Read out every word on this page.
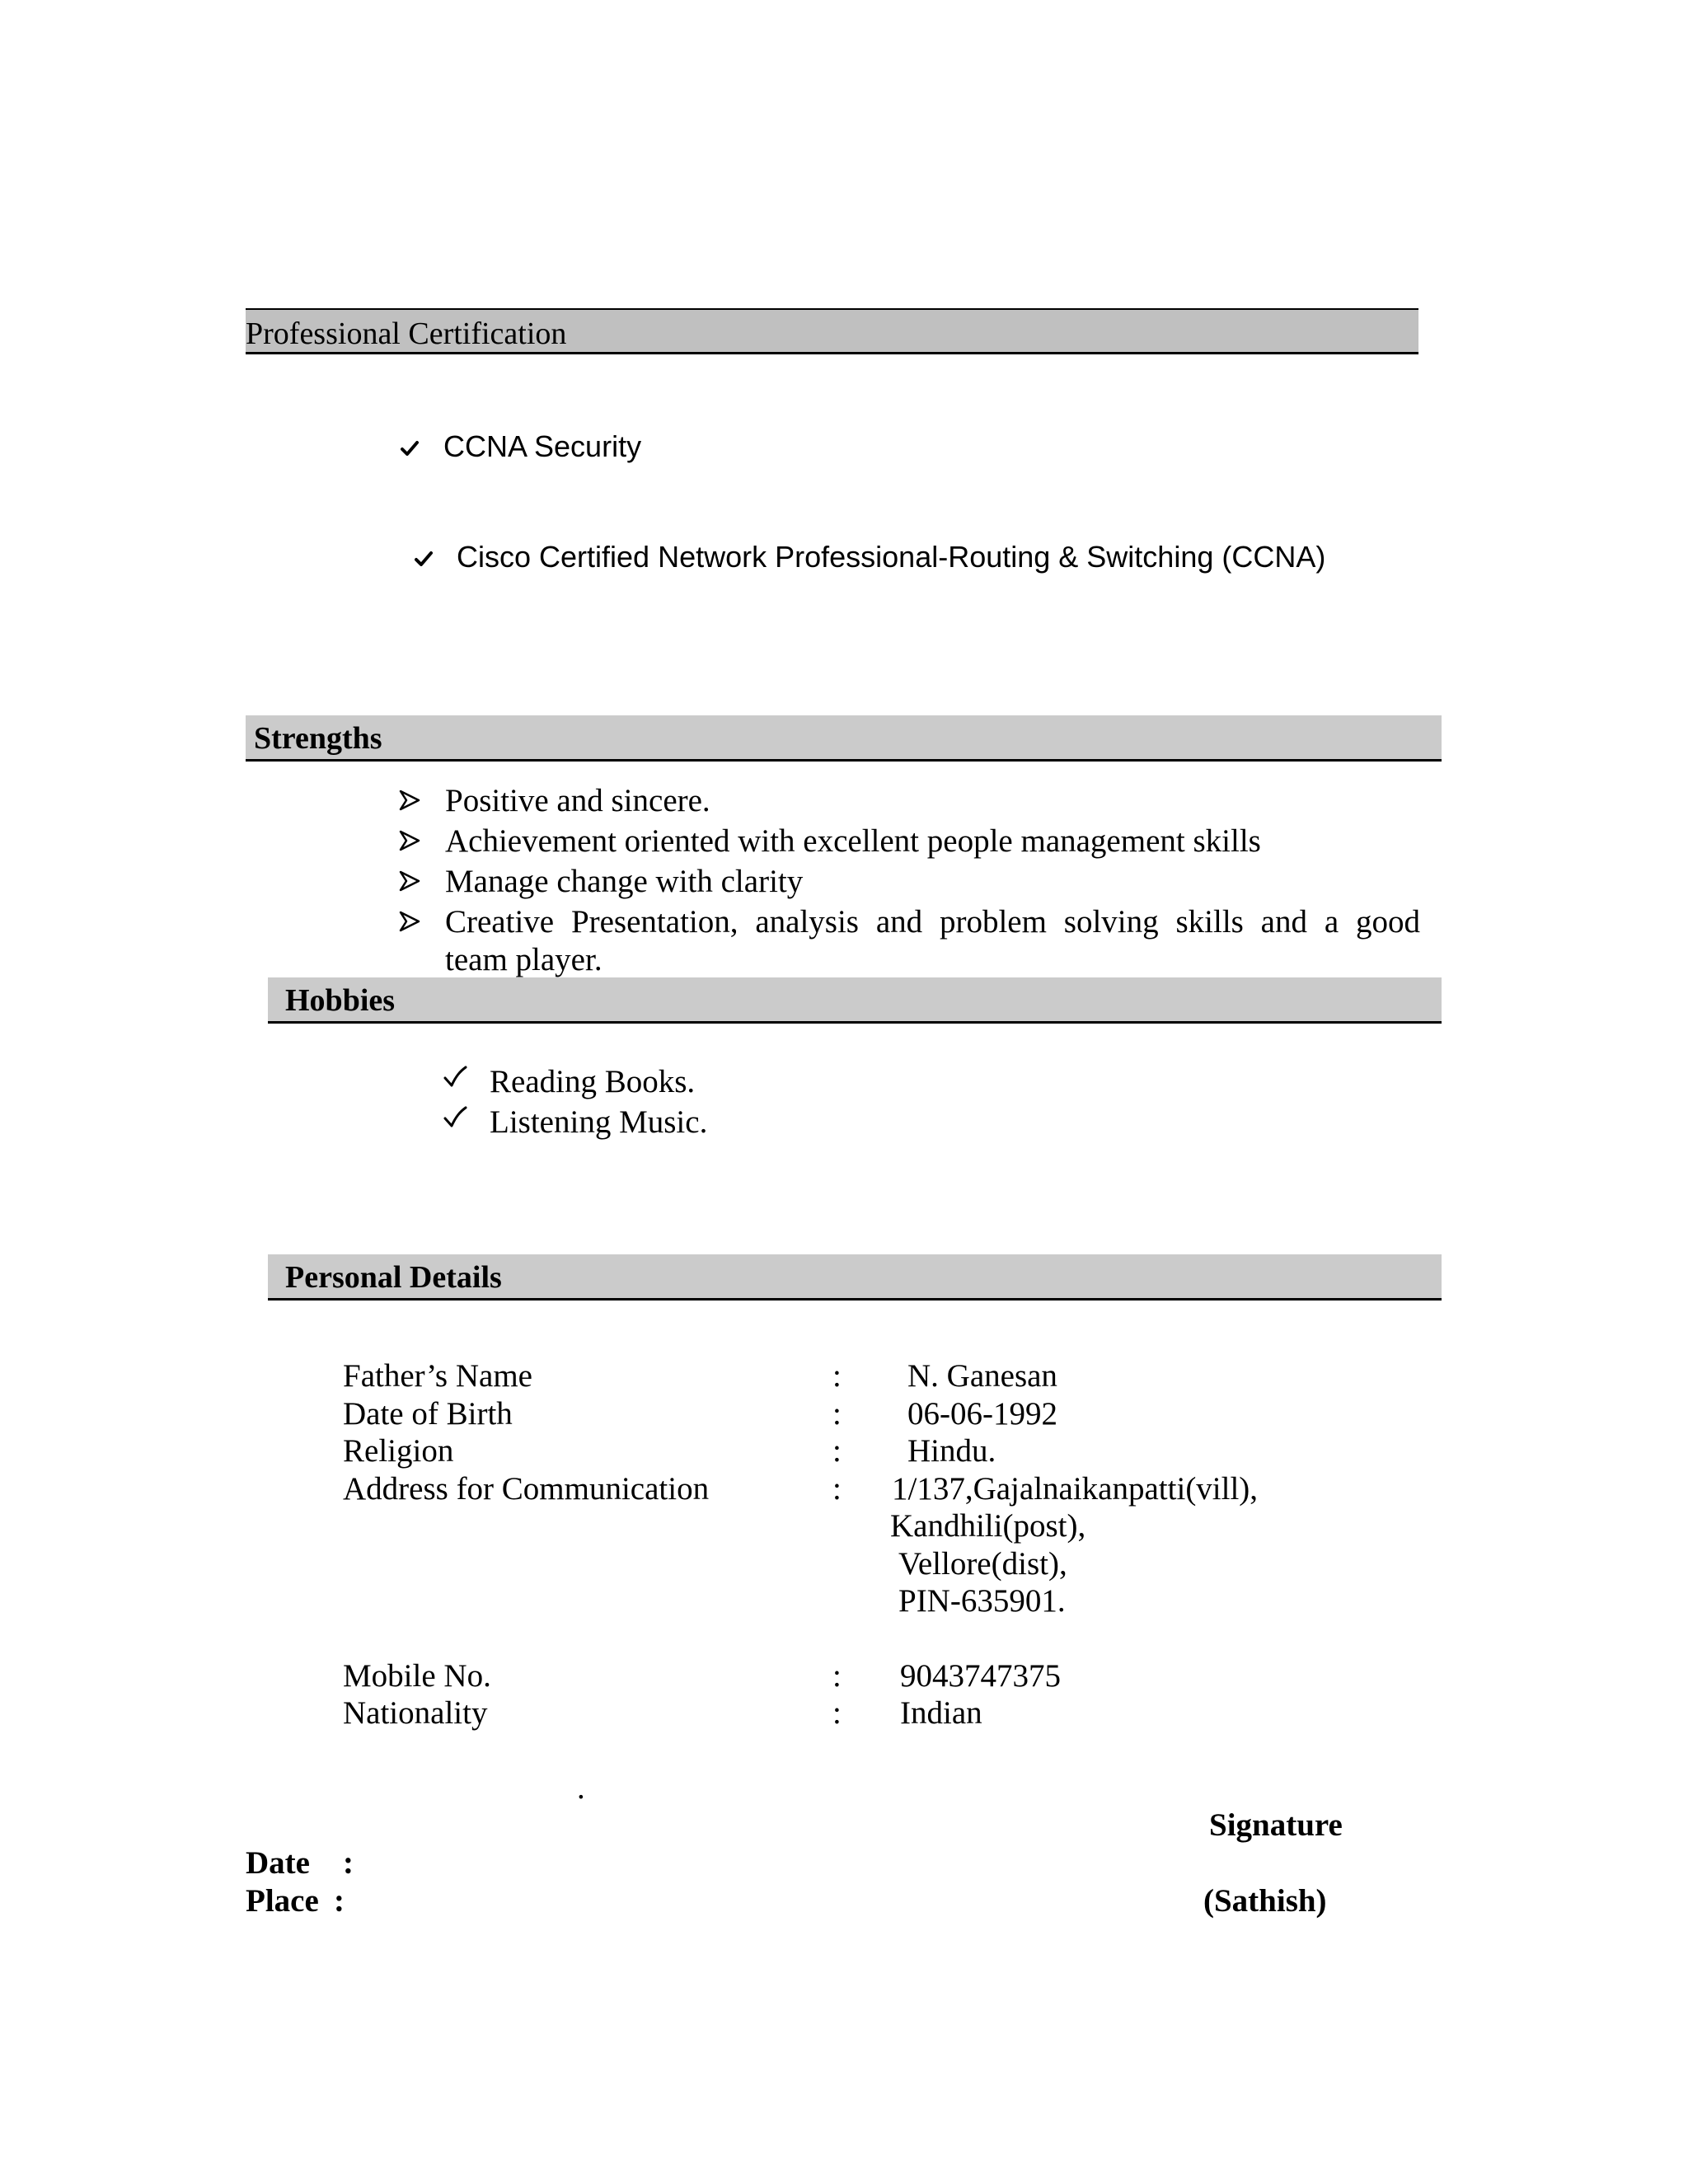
Professional Certification
CCNA Security
Cisco Certified Network Professional-Routing & Switching (CCNA)
Strengths
Positive and sincere.
Achievement oriented with excellent people management skills
Manage change with clarity
Creative Presentation, analysis and problem solving skills and a good
team player.
Hobbies
Reading Books.
Listening Music.
Personal Details
Father’s Name	: N. Ganesan
Date of Birth	: 06-06-1992
Religion	: Hindu.
Address for Communication	: 1/137,Gajalnaikanpatti(vill),
Kandhili(post),
Vellore(dist),
PIN-635901.
Mobile No.	: 9043747375
Nationality	: Indian
.
Signature
Date :
Place :	(Sathish)
